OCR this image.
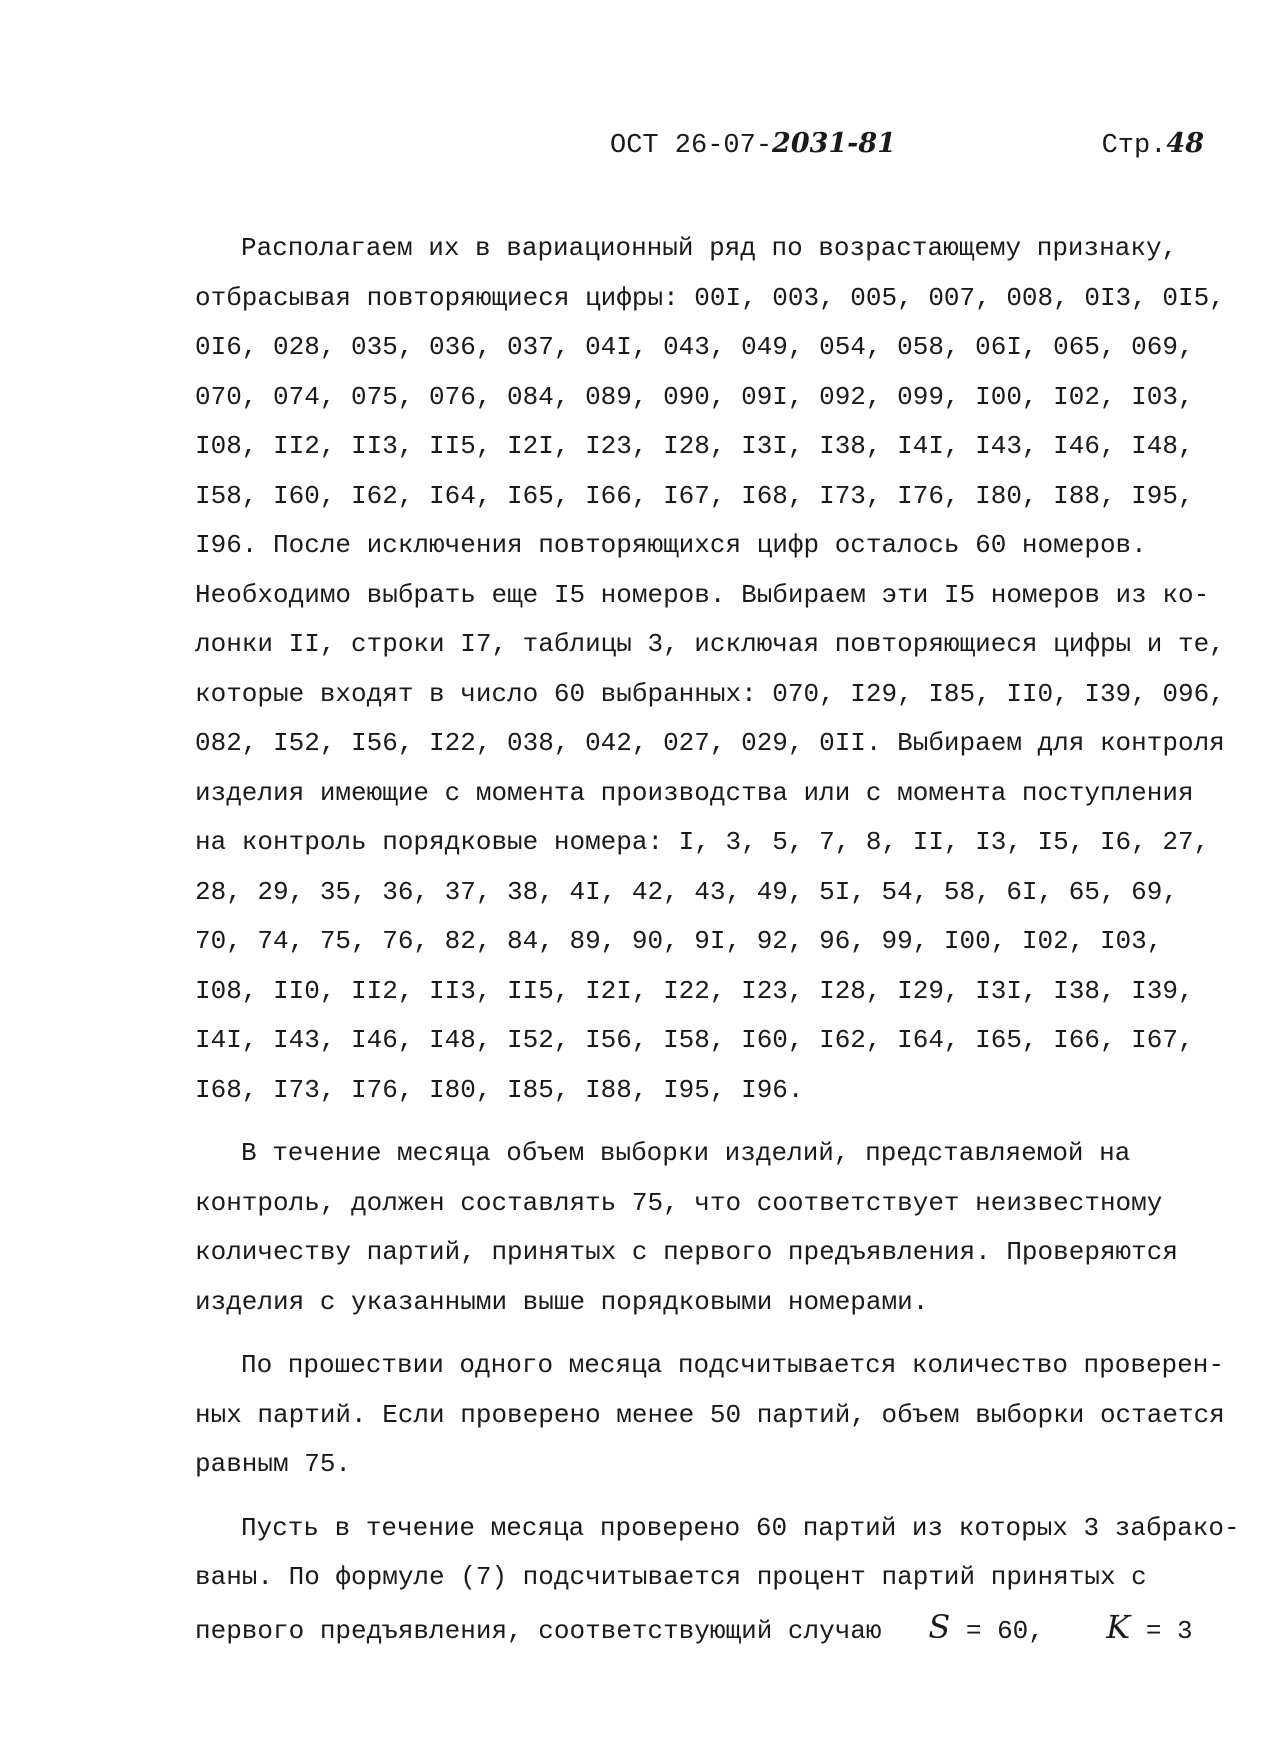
ОСТ 26-07-2031-81	Стр.48
Располагаем их в вариационный ряд по возрастающему признаку,
отбрасывая повторяющиеся цифры: 00I, 003, 005, 007, 008, 0I3, 0I5,
0I6, 028, 035, 036, 037, 04I, 043, 049, 054, 058, 06I, 065, 069,
070, 074, 075, 076, 084, 089, 090, 09I, 092, 099, I00, I02, I03,
I08, II2, II3, II5, I2I, I23, I28, I3I, I38, I4I, I43, I46, I48,
I58, I60, I62, I64, I65, I66, I67, I68, I73, I76, I80, I88, I95,
I96. После исключения повторяющихся цифр осталось 60 номеров.
Необходимо выбрать еще I5 номеров. Выбираем эти I5 номеров из ко-
лонки II, строки I7, таблицы 3, исключая повторяющиеся цифры и те,
которые входят в число 60 выбранных: 070, I29, I85, II0, I39, 096,
082, I52, I56, I22, 038, 042, 027, 029, 0II. Выбираем для контроля
изделия имеющие с момента производства или с момента поступления
на контроль порядковые номера: I, 3, 5, 7, 8, II, I3, I5, I6, 27,
28, 29, 35, 36, 37, 38, 4I, 42, 43, 49, 5I, 54, 58, 6I, 65, 69,
70, 74, 75, 76, 82, 84, 89, 90, 9I, 92, 96, 99, I00, I02, I03,
I08, II0, II2, II3, II5, I2I, I22, I23, I28, I29, I3I, I38, I39,
I4I, I43, I46, I48, I52, I56, I58, I60, I62, I64, I65, I66, I67,
I68, I73, I76, I80, I85, I88, I95, I96.
В течение месяца объем выборки изделий, представляемой на
контроль, должен составлять 75, что соответствует неизвестному
количеству партий, принятых с первого предъявления. Проверяются
изделия с указанными выше порядковыми номерами.
По прошествии одного месяца подсчитывается количество проверен-
ных партий. Если проверено менее 50 партий, объем выборки остается
равным 75.
Пусть в течение месяца проверено 60 партий из которых 3 забрако-
ваны. По формуле (7) подсчитывается процент партий принятых с
первого предъявления, соответствующий случаю S = 60, K = 3
